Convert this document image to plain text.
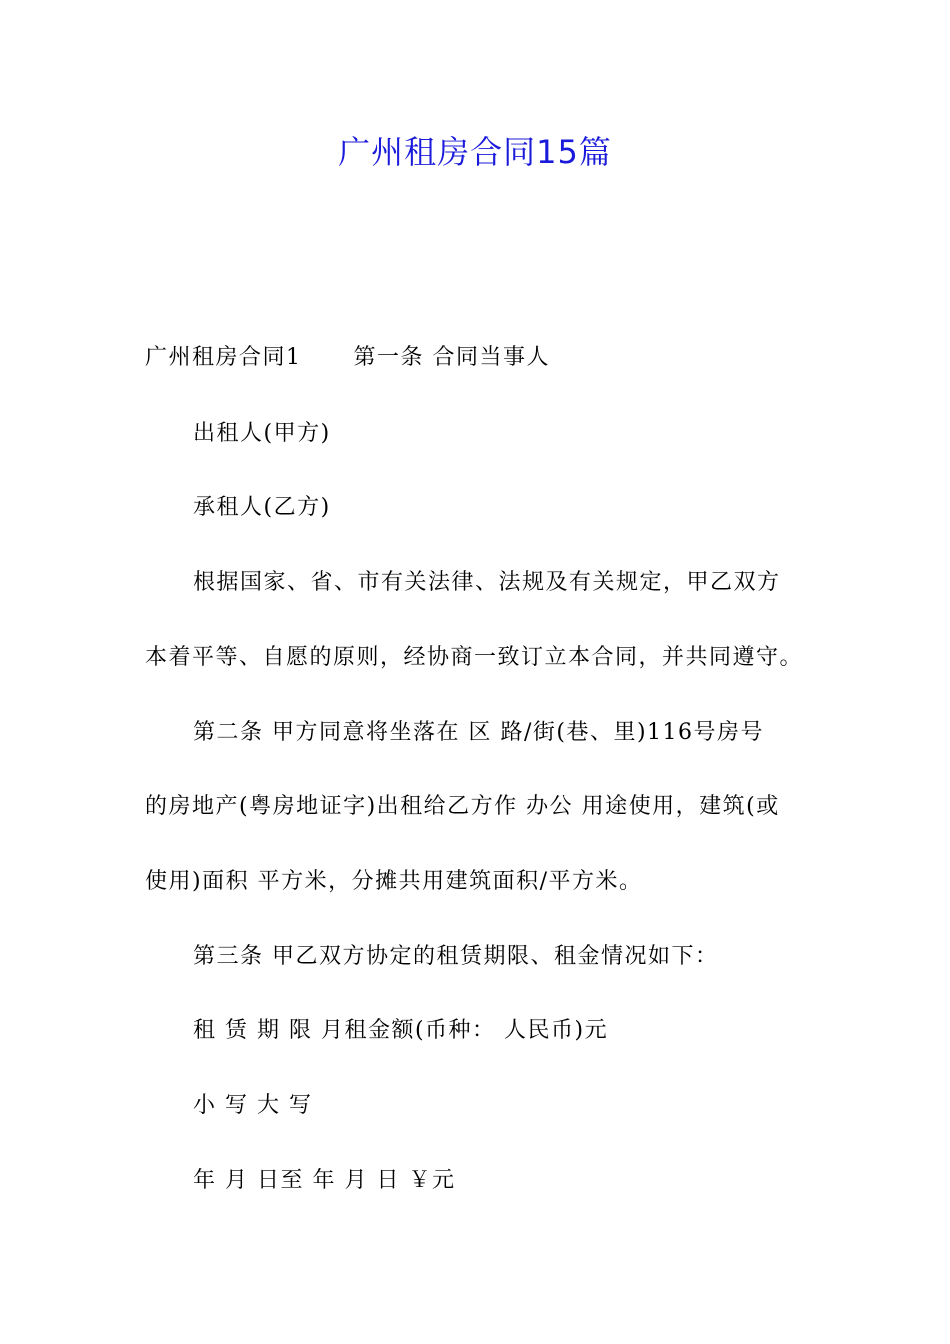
广州租房合同15篇
广州租房合同1 第一条 合同当事人
出租人(甲方)
承租人(乙方)
根据国家、省、市有关法律、法规及有关规定，甲乙双方
本着平等、自愿的原则，经协商一致订立本合同，并共同遵守。
第二条 甲方同意将坐落在 区 路/街(巷、里)116号房号
的房地产(粤房地证字)出租给乙方作 办公 用途使用，建筑(或
使用)面积 平方米，分摊共用建筑面积/平方米。
第三条 甲乙双方协定的租赁期限、租金情况如下：
租 赁 期 限 月租金额(币种： 人民币)元
小 写 大 写
年 月 日至 年 月 日 ￥元
